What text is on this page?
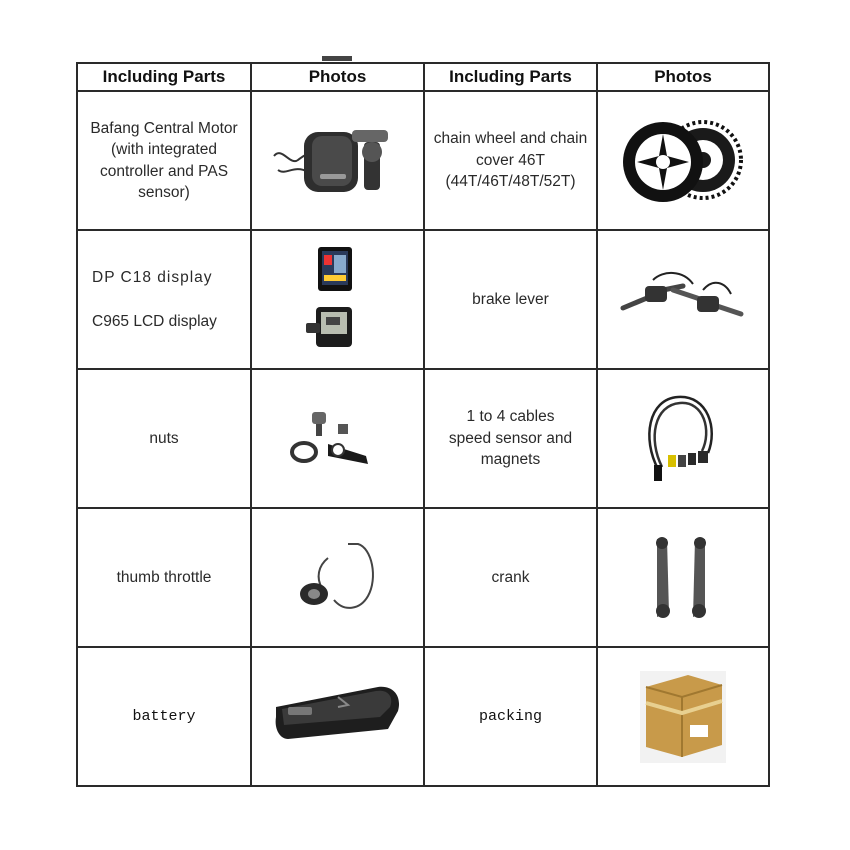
Including Parts	Photos	Including Parts	Photos

Bafang Central Motor
(with integrated
controller and PAS
sensor)		chain wheel and chain
cover 46T
(44T/46T/48T/52T)

DP C18 display
C965 LCD display		brake lever

nuts		1 to 4 cables
speed sensor and
magnets

thumb throttle		crank

battery		packing
